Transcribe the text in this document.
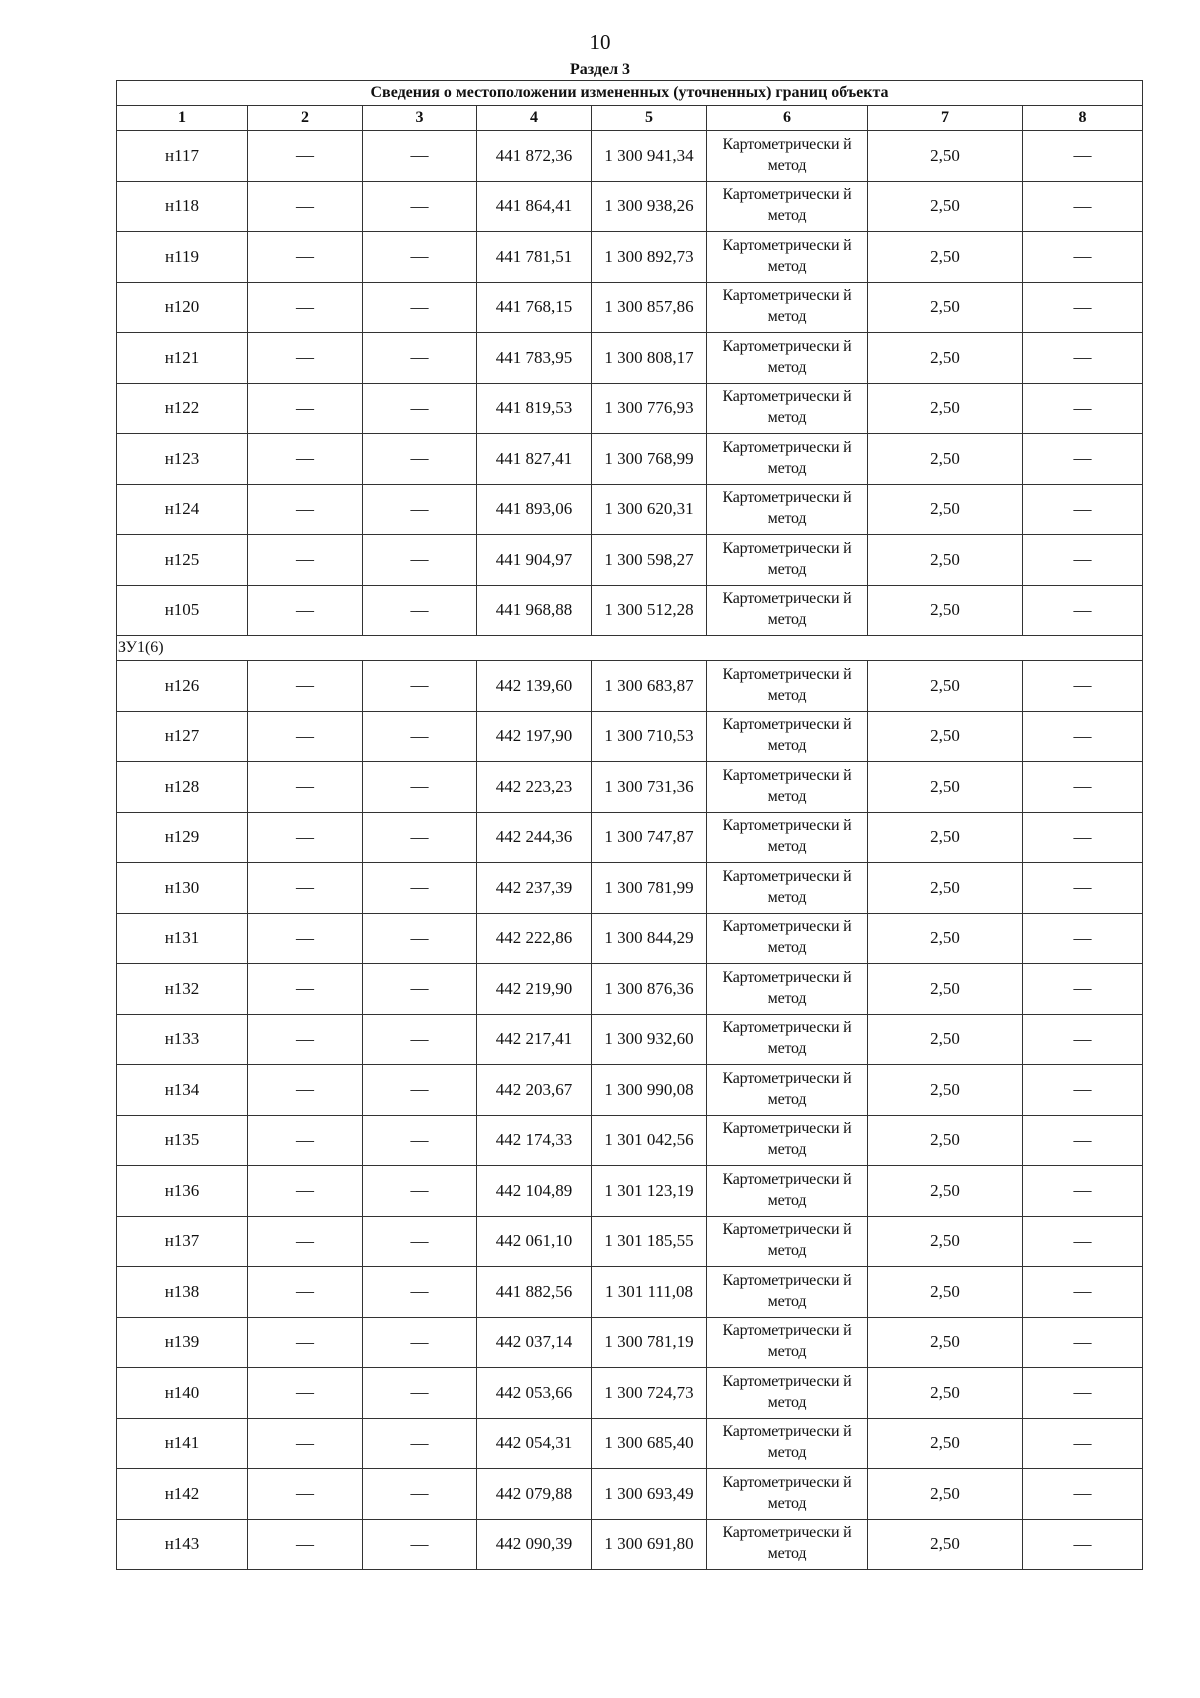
10
Раздел 3
Сведения о местоположении измененных (уточненных) границ объекта							
1	2	3	4	5	6	7	8
н117	—	—	441 872,36	1 300 941,34	Картометрически й метод	2,50	—
н118	—	—	441 864,41	1 300 938,26	Картометрически й метод	2,50	—
н119	—	—	441 781,51	1 300 892,73	Картометрически й метод	2,50	—
н120	—	—	441 768,15	1 300 857,86	Картометрически й метод	2,50	—
н121	—	—	441 783,95	1 300 808,17	Картометрически й метод	2,50	—
н122	—	—	441 819,53	1 300 776,93	Картометрически й метод	2,50	—
н123	—	—	441 827,41	1 300 768,99	Картометрически й метод	2,50	—
н124	—	—	441 893,06	1 300 620,31	Картометрически й метод	2,50	—
н125	—	—	441 904,97	1 300 598,27	Картометрически й метод	2,50	—
н105	—	—	441 968,88	1 300 512,28	Картометрически й метод	2,50	—
ЗУ1(6)							
н126	—	—	442 139,60	1 300 683,87	Картометрически й метод	2,50	—
н127	—	—	442 197,90	1 300 710,53	Картометрически й метод	2,50	—
н128	—	—	442 223,23	1 300 731,36	Картометрически й метод	2,50	—
н129	—	—	442 244,36	1 300 747,87	Картометрически й метод	2,50	—
н130	—	—	442 237,39	1 300 781,99	Картометрически й метод	2,50	—
н131	—	—	442 222,86	1 300 844,29	Картометрически й метод	2,50	—
н132	—	—	442 219,90	1 300 876,36	Картометрически й метод	2,50	—
н133	—	—	442 217,41	1 300 932,60	Картометрически й метод	2,50	—
н134	—	—	442 203,67	1 300 990,08	Картометрически й метод	2,50	—
н135	—	—	442 174,33	1 301 042,56	Картометрически й метод	2,50	—
н136	—	—	442 104,89	1 301 123,19	Картометрически й метод	2,50	—
н137	—	—	442 061,10	1 301 185,55	Картометрически й метод	2,50	—
н138	—	—	441 882,56	1 301 111,08	Картометрически й метод	2,50	—
н139	—	—	442 037,14	1 300 781,19	Картометрически й метод	2,50	—
н140	—	—	442 053,66	1 300 724,73	Картометрически й метод	2,50	—
н141	—	—	442 054,31	1 300 685,40	Картометрически й метод	2,50	—
н142	—	—	442 079,88	1 300 693,49	Картометрически й метод	2,50	—
н143	—	—	442 090,39	1 300 691,80	Картометрически й метод	2,50	—
